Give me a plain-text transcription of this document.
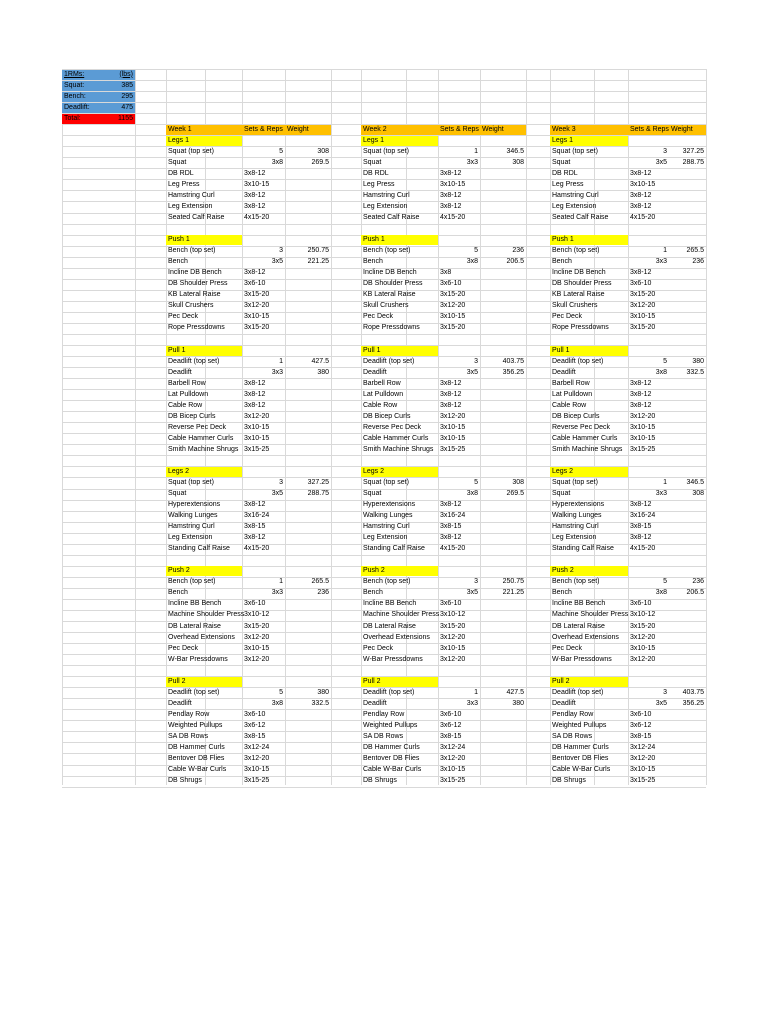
1RMs:	(lbs)
Squat:	385
Bench:	295
Deadlift:	475
Total:	1155
Week 1	Sets & Reps Weight
Legs 1
Squat (top set)	5	308
Squat	3x8	269.5
DB RDL	3x8-12
Leg Press	3x10-15
Hamstring Curl	3x8-12
Leg Extension	3x8-12
Seated Calf Raise	4x15-20
Push 1
Bench (top set)	3	250.75
Bench	3x5	221.25
Incline DB Bench	3x8-12
DB Shoulder Press	3x6-10
KB Lateral Raise	3x15-20
Skull Crushers	3x12-20
Pec Deck	3x10-15
Rope Pressdowns	3x15-20
Pull 1
Deadlift (top set)	1	427.5
Deadlift	3x3	380
Barbell Row	3x8-12
Lat Pulldown	3x8-12
Cable Row	3x8-12
DB Bicep Curls	3x12-20
Reverse Pec Deck	3x10-15
Cable Hammer Curls	3x10-15
Smith Machine Shrugs 3x15-25
Legs 2
Squat (top set)	3	327.25
Squat	3x5	288.75
Hyperextensions	3x8-12
Walking Lunges	3x16-24
Hamstring Curl	3x8-15
Leg Extension	3x8-12
Standing Calf Raise	4x15-20
Push 2
Bench (top set)	1	265.5
Bench	3x3	236
Incline BB Bench	3x6-10
Machine Shoulder Press 3x10-12
DB Lateral Raise	3x15-20
Overhead Extensions	3x12-20
Pec Deck	3x10-15
W-Bar Pressdowns	3x12-20
Pull 2
Deadlift (top set)	5	380
Deadlift	3x8	332.5
Pendlay Row	3x6-10
Weighted Pullups	3x6-12
SA DB Rows	3x8-15
DB Hammer Curls	3x12-24
Bentover DB Flies	3x12-20
Cable W-Bar Curls	3x10-15
DB Shrugs	3x15-25
Week 2	Sets & Reps Weight
Legs 1
Squat (top set)	1	346.5
Squat	3x3	308
DB RDL	3x8-12
Leg Press	3x10-15
Hamstring Curl	3x8-12
Leg Extension	3x8-12
Seated Calf Raise	4x15-20
Push 1
Bench (top set)	5	236
Bench	3x8	206.5
Incline DB Bench	3x8
DB Shoulder Press	3x6-10
KB Lateral Raise	3x15-20
Skull Crushers	3x12-20
Pec Deck	3x10-15
Rope Pressdowns	3x15-20
Pull 1
Deadlift (top set)	3	403.75
Deadlift	3x5	356.25
Barbell Row	3x8-12
Lat Pulldown	3x8-12
Cable Row	3x8-12
DB Bicep Curls	3x12-20
Reverse Pec Deck	3x10-15
Cable Hammer Curls	3x10-15
Smith Machine Shrugs 3x15-25
Legs 2
Squat (top set)	5	308
Squat	3x8	269.5
Hyperextensions	3x8-12
Walking Lunges	3x16-24
Hamstring Curl	3x8-15
Leg Extension	3x8-12
Standing Calf Raise	4x15-20
Push 2
Bench (top set)	3	250.75
Bench	3x5	221.25
Incline BB Bench	3x6-10
Machine Shoulder Press 3x10-12
DB Lateral Raise	3x15-20
Overhead Extensions	3x12-20
Pec Deck	3x10-15
W-Bar Pressdowns	3x12-20
Pull 2
Deadlift (top set)	1	427.5
Deadlift	3x3	380
Pendlay Row	3x6-10
Weighted Pullups	3x6-12
SA DB Rows	3x8-15
DB Hammer Curls	3x12-24
Bentover DB Flies	3x12-20
Cable W-Bar Curls	3x10-15
DB Shrugs	3x15-25
Week 3	Sets & Reps Weight
Legs 1
Squat (top set)	3	327.25
Squat	3x5	288.75
DB RDL	3x8-12
Leg Press	3x10-15
Hamstring Curl	3x8-12
Leg Extension	3x8-12
Seated Calf Raise	4x15-20
Push 1
Bench (top set)	1	265.5
Bench	3x3	236
Incline DB Bench	3x8-12
DB Shoulder Press	3x6-10
KB Lateral Raise	3x15-20
Skull Crushers	3x12-20
Pec Deck	3x10-15
Rope Pressdowns	3x15-20
Pull 1
Deadlift (top set)	5	380
Deadlift	3x8	332.5
Barbell Row	3x8-12
Lat Pulldown	3x8-12
Cable Row	3x8-12
DB Bicep Curls	3x12-20
Reverse Pec Deck	3x10-15
Cable Hammer Curls	3x10-15
Smith Machine Shrugs	3x15-25
Legs 2
Squat (top set)	1	346.5
Squat	3x3	308
Hyperextensions	3x8-12
Walking Lunges	3x16-24
Hamstring Curl	3x8-15
Leg Extension	3x8-12
Standing Calf Raise	4x15-20
Push 2
Bench (top set)	5	236
Bench	3x8	206.5
Incline BB Bench	3x6-10
Machine Shoulder Press 3x10-12
DB Lateral Raise	3x15-20
Overhead Extensions	3x12-20
Pec Deck	3x10-15
W-Bar Pressdowns	3x12-20
Pull 2
Deadlift (top set)	3	403.75
Deadlift	3x5	356.25
Pendlay Row	3x6-10
Weighted Pullups	3x6-12
SA DB Rows	3x8-15
DB Hammer Curls	3x12-24
Bentover DB Flies	3x12-20
Cable W-Bar Curls	3x10-15
DB Shrugs	3x15-25
